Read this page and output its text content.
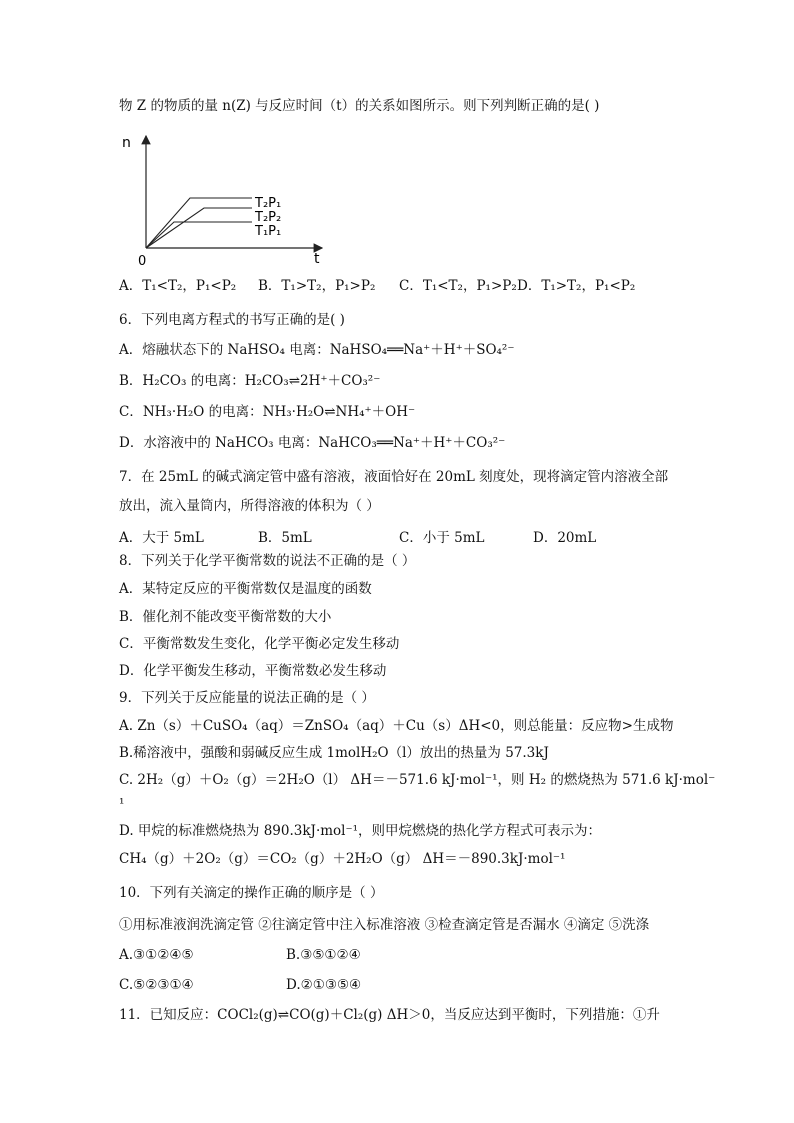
物 Z 的物质的量 n(Z) 与反应时间（t）的关系如图所示。则下列判断正确的是( )
n
t
0
T₂P₁
T₂P₂
T₁P₁
A．T₁<T₂，P₁<P₂ B．T₁>T₂，P₁>P₂ C．T₁<T₂，P₁>P₂ D．T₁>T₂，P₁<P₂
6．下列电离方程式的书写正确的是( )
A．熔融状态下的 NaHSO₄ 电离：NaHSO₄══Na⁺＋H⁺＋SO₄²⁻
B．H₂CO₃ 的电离：H₂CO₃⇌2H⁺＋CO₃²⁻
C．NH₃·H₂O 的电离：NH₃·H₂O⇌NH₄⁺＋OH⁻
D．水溶液中的 NaHCO₃ 电离：NaHCO₃══Na⁺＋H⁺＋CO₃²⁻
7．在 25mL 的碱式滴定管中盛有溶液，液面恰好在 20mL 刻度处，现将滴定管内溶液全部
放出，流入量筒内，所得溶液的体积为（ ）
A．大于 5mL	B．5mL	C．小于 5mL	D．20mL
8．下列关于化学平衡常数的说法不正确的是（ ）
A．某特定反应的平衡常数仅是温度的函数
B．催化剂不能改变平衡常数的大小
C．平衡常数发生变化，化学平衡必定发生移动
D．化学平衡发生移动，平衡常数必发生移动
9．下列关于反应能量的说法正确的是（ ）
A. Zn（s）＋CuSO₄（aq）＝ZnSO₄（aq）＋Cu（s）ΔH<0，则总能量：反应物>生成物
B.稀溶液中，强酸和弱碱反应生成 1molH₂O（l）放出的热量为 57.3kJ
C. 2H₂（g）＋O₂（g）＝2H₂O（l） ΔH＝－571.6 kJ·mol⁻¹，则 H₂ 的燃烧热为 571.6 kJ·mol⁻
¹
D. 甲烷的标准燃烧热为 890.3kJ·mol⁻¹，则甲烷燃烧的热化学方程式可表示为：
CH₄（g）＋2O₂（g）＝CO₂（g）＋2H₂O（g） ΔH＝－890.3kJ·mol⁻¹
10．下列有关滴定的操作正确的顺序是（ ）
①用标准液润洗滴定管 ②往滴定管中注入标准溶液 ③检查滴定管是否漏水 ④滴定 ⑤洗涤
A.③①②④⑤	B.③⑤①②④
C.⑤②③①④	D.②①③⑤④
11．已知反应：COCl₂(g)⇌CO(g)＋Cl₂(g) ΔH＞0，当反应达到平衡时，下列措施：①升
